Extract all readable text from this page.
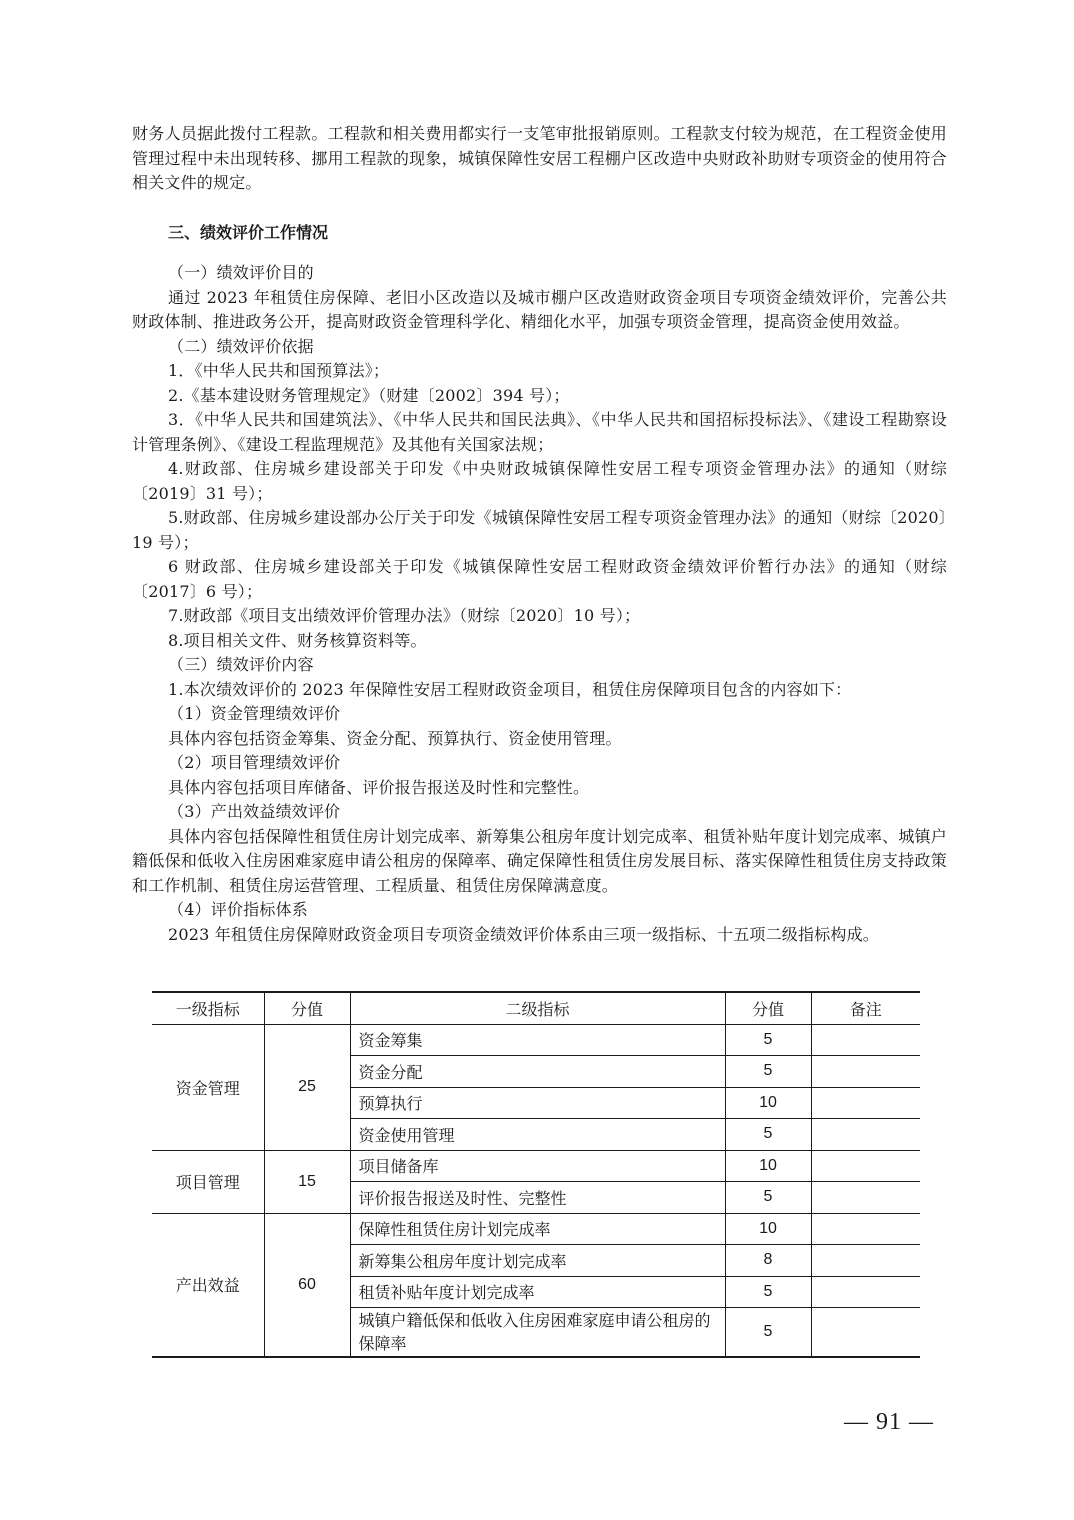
财务人员据此拨付工程款。工程款和相关费用都实行一支笔审批报销原则。工程款支付较为规范，在工程资金使用管理过程中未出现转移、挪用工程款的现象，城镇保障性安居工程棚户区改造中央财政补助财专项资金的使用符合相关文件的规定。

三、绩效评价工作情况

（一）绩效评价目的

通过 2023 年租赁住房保障、老旧小区改造以及城市棚户区改造财政资金项目专项资金绩效评价，完善公共财政体制、推进政务公开，提高财政资金管理科学化、精细化水平，加强专项资金管理，提高资金使用效益。

（二）绩效评价依据

1．《中华人民共和国预算法》；

2.《基本建设财务管理规定》（财建〔2002〕394 号）；

3．《中华人民共和国建筑法》、《中华人民共和国民法典》、《中华人民共和国招标投标法》、《建设工程勘察设计管理条例》、《建设工程监理规范》及其他有关国家法规；

4.财政部、住房城乡建设部关于印发《中央财政城镇保障性安居工程专项资金管理办法》的通知（财综〔2019〕31 号）；

5.财政部、住房城乡建设部办公厅关于印发《城镇保障性安居工程专项资金管理办法》的通知（财综〔2020〕19 号）；

6 财政部、住房城乡建设部关于印发《城镇保障性安居工程财政资金绩效评价暂行办法》的通知（财综〔2017〕6 号）；

7.财政部《项目支出绩效评价管理办法》（财综〔2020〕10 号）；

8.项目相关文件、财务核算资料等。

（三）绩效评价内容

1.本次绩效评价的 2023 年保障性安居工程财政资金项目，租赁住房保障项目包含的内容如下：

（1）资金管理绩效评价

具体内容包括资金筹集、资金分配、预算执行、资金使用管理。

（2）项目管理绩效评价

具体内容包括项目库储备、评价报告报送及时性和完整性。

（3）产出效益绩效评价

具体内容包括保障性租赁住房计划完成率、新筹集公租房年度计划完成率、租赁补贴年度计划完成率、城镇户籍低保和低收入住房困难家庭申请公租房的保障率、确定保障性租赁住房发展目标、落实保障性租赁住房支持政策和工作机制、租赁住房运营管理、工程质量、租赁住房保障满意度。

（4）评价指标体系

2023 年租赁住房保障财政资金项目专项资金绩效评价体系由三项一级指标、十五项二级指标构成。

一级指标	分值	二级指标	分值	备注
资金管理	25	资金筹集	5	
		资金分配	5	
		预算执行	10	
		资金使用管理	5	
项目管理	15	项目储备库	10	
		评价报告报送及时性、完整性	5	
产出效益	60	保障性租赁住房计划完成率	10	
		新筹集公租房年度计划完成率	8	
		租赁补贴年度计划完成率	5	
		城镇户籍低保和低收入住房困难家庭申请公租房的保障率	5	
— 91 —
